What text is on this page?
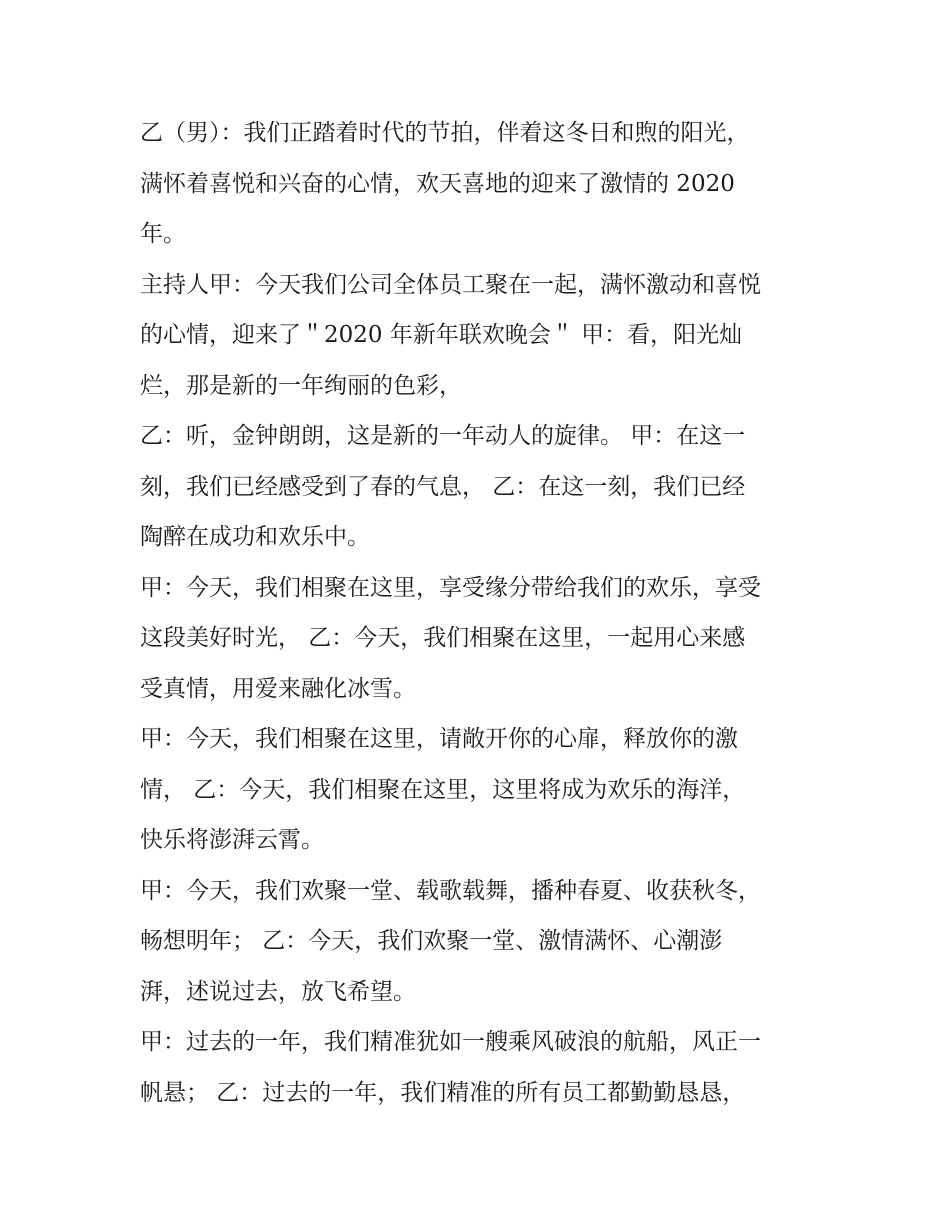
乙（男）：我们正踏着时代的节拍，伴着这冬日和煦的阳光，
满怀着喜悦和兴奋的心情，欢天喜地的迎来了激情的 2020
年。
主持人甲：今天我们公司全体员工聚在一起，满怀激动和喜悦
的心情，迎来了＂2020 年新年联欢晚会＂ 甲：看，阳光灿
烂，那是新的一年绚丽的色彩，
乙：听，金钟朗朗，这是新的一年动人的旋律。 甲：在这一
刻，我们已经感受到了春的气息， 乙：在这一刻，我们已经
陶醉在成功和欢乐中。
甲：今天，我们相聚在这里，享受缘分带给我们的欢乐，享受
这段美好时光， 乙：今天，我们相聚在这里，一起用心来感
受真情，用爱来融化冰雪。
甲：今天，我们相聚在这里，请敞开你的心扉，释放你的激
情， 乙：今天，我们相聚在这里，这里将成为欢乐的海洋，
快乐将澎湃云霄。
甲：今天，我们欢聚一堂、载歌载舞，播种春夏、收获秋冬，
畅想明年； 乙：今天，我们欢聚一堂、激情满怀、心潮澎
湃，述说过去，放飞希望。
甲：过去的一年，我们精准犹如一艘乘风破浪的航船，风正一
帆悬； 乙：过去的一年，我们精准的所有员工都勤勤恳恳，
